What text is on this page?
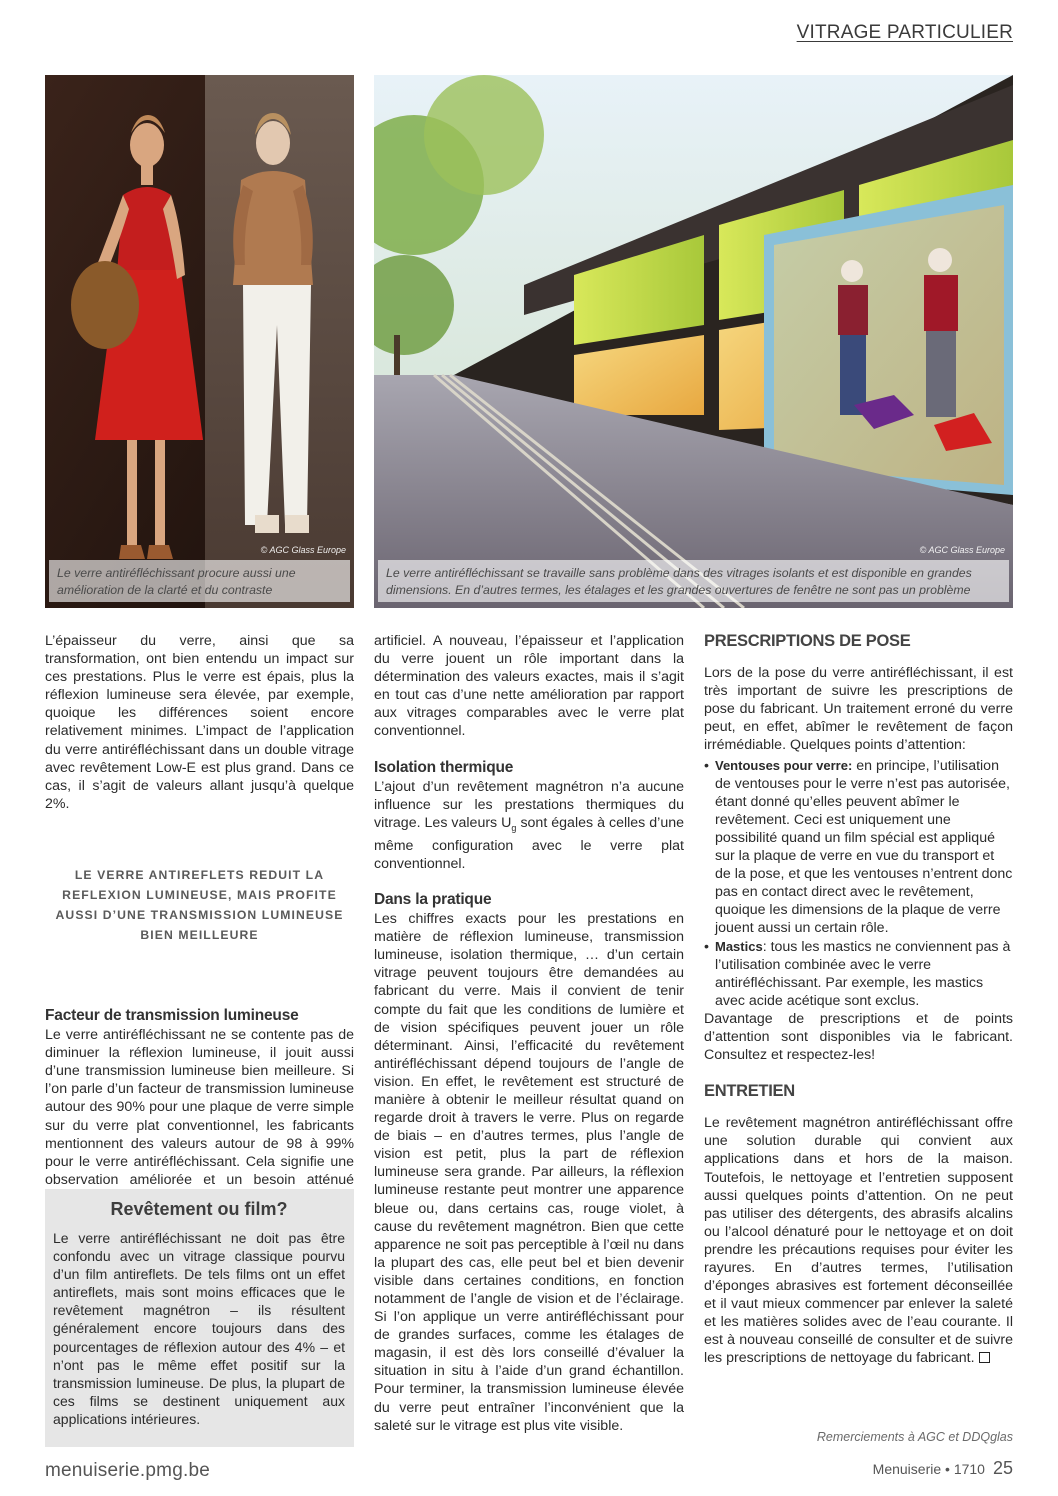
VITRAGE PARTICULIER
© AGC Glass Europe
Le verre antiréfléchissant procure aussi une amélioration de la clarté et du contraste
© AGC Glass Europe
Le verre antiréfléchissant se travaille sans problème dans des vitrages isolants et est disponible en grandes dimensions. En d’autres termes, les étalages et les grandes ouvertures de fenêtre ne sont pas un problème

L’épaisseur du verre, ainsi que sa transformation, ont bien entendu un impact sur ces prestations. Plus le verre est épais, plus la réflexion lumineuse sera élevée, par exemple, quoique les différences soient encore relativement minimes. L’impact de l’application du verre antiréfléchissant dans un double vitrage avec revêtement Low-E est plus grand. Dans ce cas, il s’agit de valeurs allant jusqu’à quelque 2%.

LE VERRE ANTIREFLETS REDUIT LA REFLEXION LUMINEUSE, MAIS PROFITE AUSSI D’UNE TRANSMISSION LUMINEUSE BIEN MEILLEURE
Facteur de transmission lumineuse

Le verre antiréfléchissant ne se contente pas de diminuer la réflexion lumineuse, il jouit aussi d’une transmission lumineuse bien meilleure. Si l’on parle d’un facteur de transmission lumineuse autour des 90% pour une plaque de verre simple sur du verre plat conventionnel, les fabricants mentionnent des valeurs autour de 98 à 99% pour le verre antiréfléchissant. Cela signifie une observation améliorée et un besoin atténué

Revêtement ou film?

Le verre antiréfléchissant ne doit pas être confondu avec un vitrage classique pourvu d’un film antireflets. De tels films ont un effet antireflets, mais sont moins efficaces que le revêtement magnétron – ils résultent généralement encore toujours dans des pourcentages de réflexion autour des 4% – et n’ont pas le même effet positif sur la transmission lumineuse. De plus, la plupart de ces films se destinent uniquement aux applications intérieures.

artificiel. A nouveau, l’épaisseur et l’application du verre jouent un rôle important dans la détermination des valeurs exactes, mais il s’agit en tout cas d’une nette amélioration par rapport aux vitrages comparables avec le verre plat conventionnel.

Isolation thermique

L’ajout d’un revêtement magnétron n’a aucune influence sur les prestations thermiques du vitrage. Les valeurs $U_g$ sont égales à celles d’une même configuration avec le verre plat conventionnel.

Dans la pratique

Les chiffres exacts pour les prestations en matière de réflexion lumineuse, transmission lumineuse, isolation thermique, … d’un certain vitrage peuvent toujours être demandées au fabricant du verre. Mais il convient de tenir compte du fait que les conditions de lumière et de vision spécifiques peuvent jouer un rôle déterminant. Ainsi, l’efficacité du revêtement antiréfléchissant dépend toujours de l’angle de vision. En effet, le revêtement est structuré de manière à obtenir le meilleur résultat quand on regarde droit à travers le verre. Plus on regarde de biais – en d’autres termes, plus l’angle de vision est petit, plus la part de réflexion lumineuse sera grande. Par ailleurs, la réflexion lumineuse restante peut montrer une apparence bleue ou, dans certains cas, rouge violet, à cause du revêtement magnétron. Bien que cette apparence ne soit pas perceptible à l’œil nu dans la plupart des cas, elle peut bel et bien devenir visible dans certaines conditions, en fonction notamment de l’angle de vision et de l’éclairage. Si l’on applique un verre antiréfléchissant pour de grandes surfaces, comme les étalages de magasin, il est dès lors conseillé d’évaluer la situation in situ à l’aide d’un grand échantillon. Pour terminer, la transmission lumineuse élevée du verre peut entraîner l’inconvénient que la saleté sur le vitrage est plus vite visible.

PRESCRIPTIONS DE POSE

Lors de la pose du verre antiréfléchissant, il est très important de suivre les prescriptions de pose du fabricant. Un traitement erroné du verre peut, en effet, abîmer le revêtement de façon irrémédiable. Quelques points d’attention:

• Ventouses pour verre: en principe, l’utilisation de ventouses pour le verre n’est pas autorisée, étant donné qu’elles peuvent abîmer le revêtement. Ceci est uniquement une possibilité quand un film spécial est appliqué sur la plaque de verre en vue du transport et de la pose, et que les ventouses n’entrent donc pas en contact direct avec le revêtement, quoique les dimensions de la plaque de verre jouent aussi un certain rôle.
• Mastics: tous les mastics ne conviennent pas à l’utilisation combinée avec le verre antiréfléchissant. Par exemple, les mastics avec acide acétique sont exclus.

Davantage de prescriptions et de points d’attention sont disponibles via le fabricant. Consultez et respectez-les!

ENTRETIEN

Le revêtement magnétron antiréfléchissant offre une solution durable qui convient aux applications dans et hors de la maison. Toutefois, le nettoyage et l’entretien supposent aussi quelques points d’attention. On ne peut pas utiliser des détergents, des abrasifs alcalins ou l’alcool dénaturé pour le nettoyage et on doit prendre les précautions requises pour éviter les rayures. En d’autres termes, l’utilisation d’éponges abrasives est fortement déconseillée et il vaut mieux commencer par enlever la saleté et les matières solides avec de l’eau courante. Il est à nouveau conseillé de consulter et de suivre les prescriptions de nettoyage du fabricant.

Remerciements à AGC et DDQglas
menuiserie.pmg.be	Menuiserie • 1710 25
